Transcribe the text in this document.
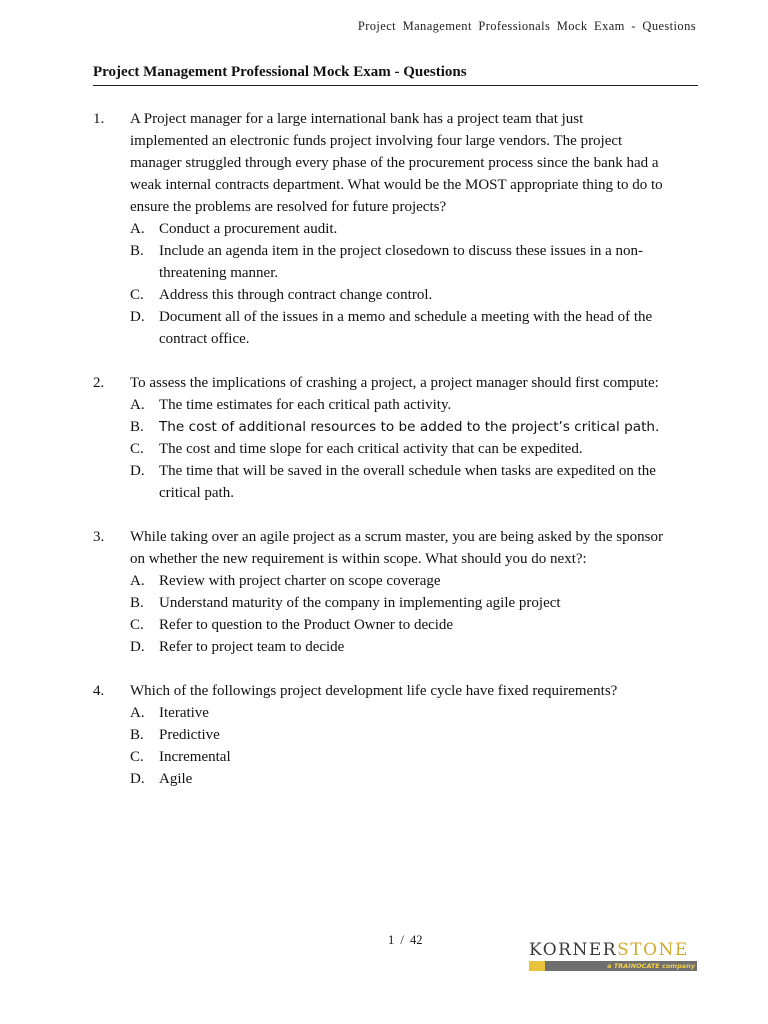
Project Management Professionals Mock Exam - Questions
Project Management Professional Mock Exam - Questions
1.	A Project manager for a large international bank has a project team that just implemented an electronic funds project involving four large vendors. The project manager struggled through every phase of the procurement process since the bank had a weak internal contracts department. What would be the MOST appropriate thing to do to ensure the problems are resolved for future projects?
A. Conduct a procurement audit.
B.	Include an agenda item in the project closedown to discuss these issues in a non-threatening manner.
C.	Address this through contract change control.
D. Document all of the issues in a memo and schedule a meeting with the head of the contract office.
2.	To assess the implications of crashing a project, a project manager should first compute:
A. The time estimates for each critical path activity.
B.	The cost of additional resources to be added to the project’s critical path.
C.	The cost and time slope for each critical activity that can be expedited.
D. The time that will be saved in the overall schedule when tasks are expedited on the critical path.
3.	While taking over an agile project as a scrum master, you are being asked by the sponsor on whether the new requirement is within scope. What should you do next?:
A. Review with project charter on scope coverage
B.	Understand maturity of the company in implementing agile project
C.	Refer to question to the Product Owner to decide
D. Refer to project team to decide
4.	Which of the followings project development life cycle have fixed requirements?
A. Iterative
B.	Predictive
C.	Incremental
D. Agile
1 / 42	KORNERSTONE
a TRAINOCATE company
